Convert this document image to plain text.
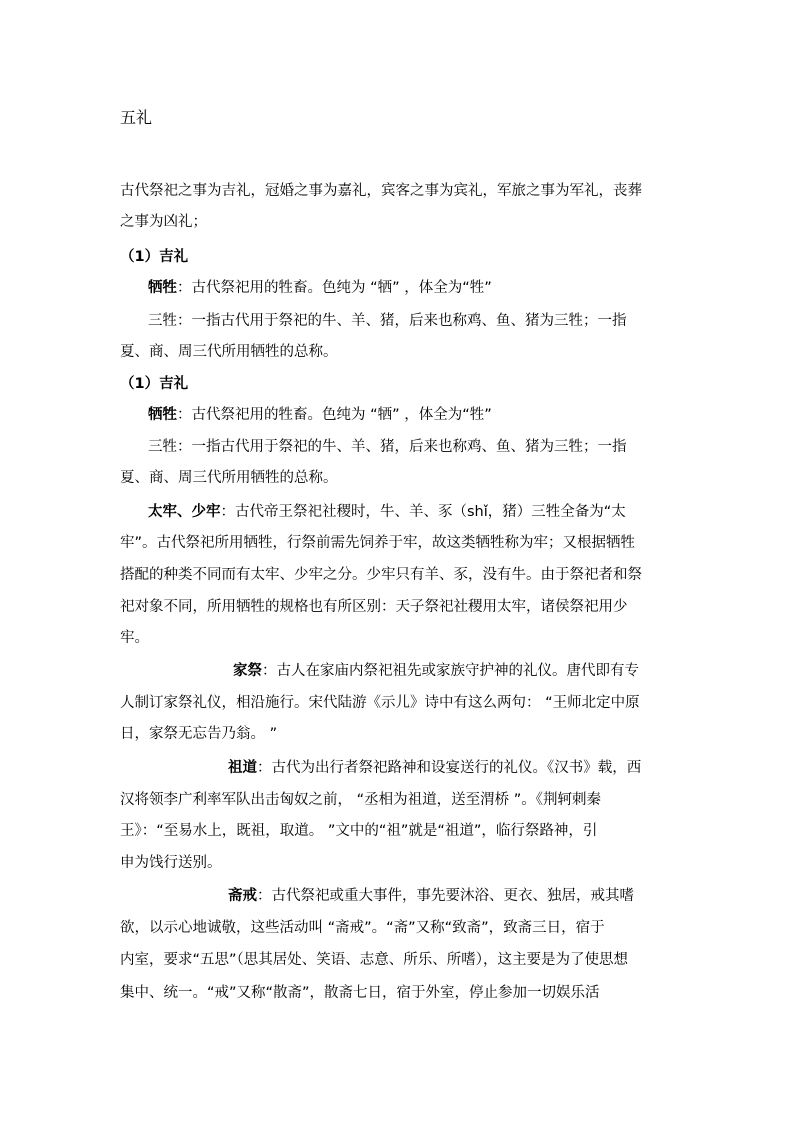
五礼
古代祭祀之事为吉礼，冠婚之事为嘉礼，宾客之事为宾礼，军旅之事为军礼，丧葬
之事为凶礼；
（1）吉礼
牺牲：古代祭祀用的牲畜。色纯为 “牺” ，体全为“牲”
三牲：一指古代用于祭祀的牛、羊、猪，后来也称鸡、鱼、猪为三牲；一指
夏、商、周三代所用牺牲的总称。
（1）吉礼
牺牲：古代祭祀用的牲畜。色纯为 “牺” ，体全为“牲”
三牲：一指古代用于祭祀的牛、羊、猪，后来也称鸡、鱼、猪为三牲；一指
夏、商、周三代所用牺牲的总称。
太牢、少牢：古代帝王祭祀社稷时，牛、羊、豕（shǐ，猪）三牲全备为“太
牢”。古代祭祀所用牺牲，行祭前需先饲养于牢，故这类牺牲称为牢；又根据牺牲
搭配的种类不同而有太牢、少牢之分。少牢只有羊、豕，没有牛。由于祭祀者和祭
祀对象不同，所用牺牲的规格也有所区别：天子祭祀社稷用太牢，诸侯祭祀用少
牢。
家祭：古人在家庙内祭祀祖先或家族守护神的礼仪。唐代即有专
人制订家祭礼仪，相沿施行。宋代陆游《示儿》诗中有这么两句： “王师北定中原
日，家祭无忘告乃翁。 ”
祖道：古代为出行者祭祀路神和设宴送行的礼仪。《汉书》载，西
汉将领李广利率军队出击匈奴之前， “丞相为祖道，送至渭桥 ”。《荆轲刺秦
王》：“至易水上，既祖，取道。 ”文中的“祖”就是“祖道”，临行祭路神，引
申为饯行送别。
斋戒：古代祭祀或重大事件，事先要沐浴、更衣、独居，戒其嗜
欲，以示心地诚敬，这些活动叫 “斋戒”。“斋”又称“致斋”，致斋三日，宿于
内室，要求“五思”（思其居处、笑语、志意、所乐、所嗜），这主要是为了使思想
集中、统一。“戒”又称“散斋”，散斋七日，宿于外室，停止参加一切娱乐活
